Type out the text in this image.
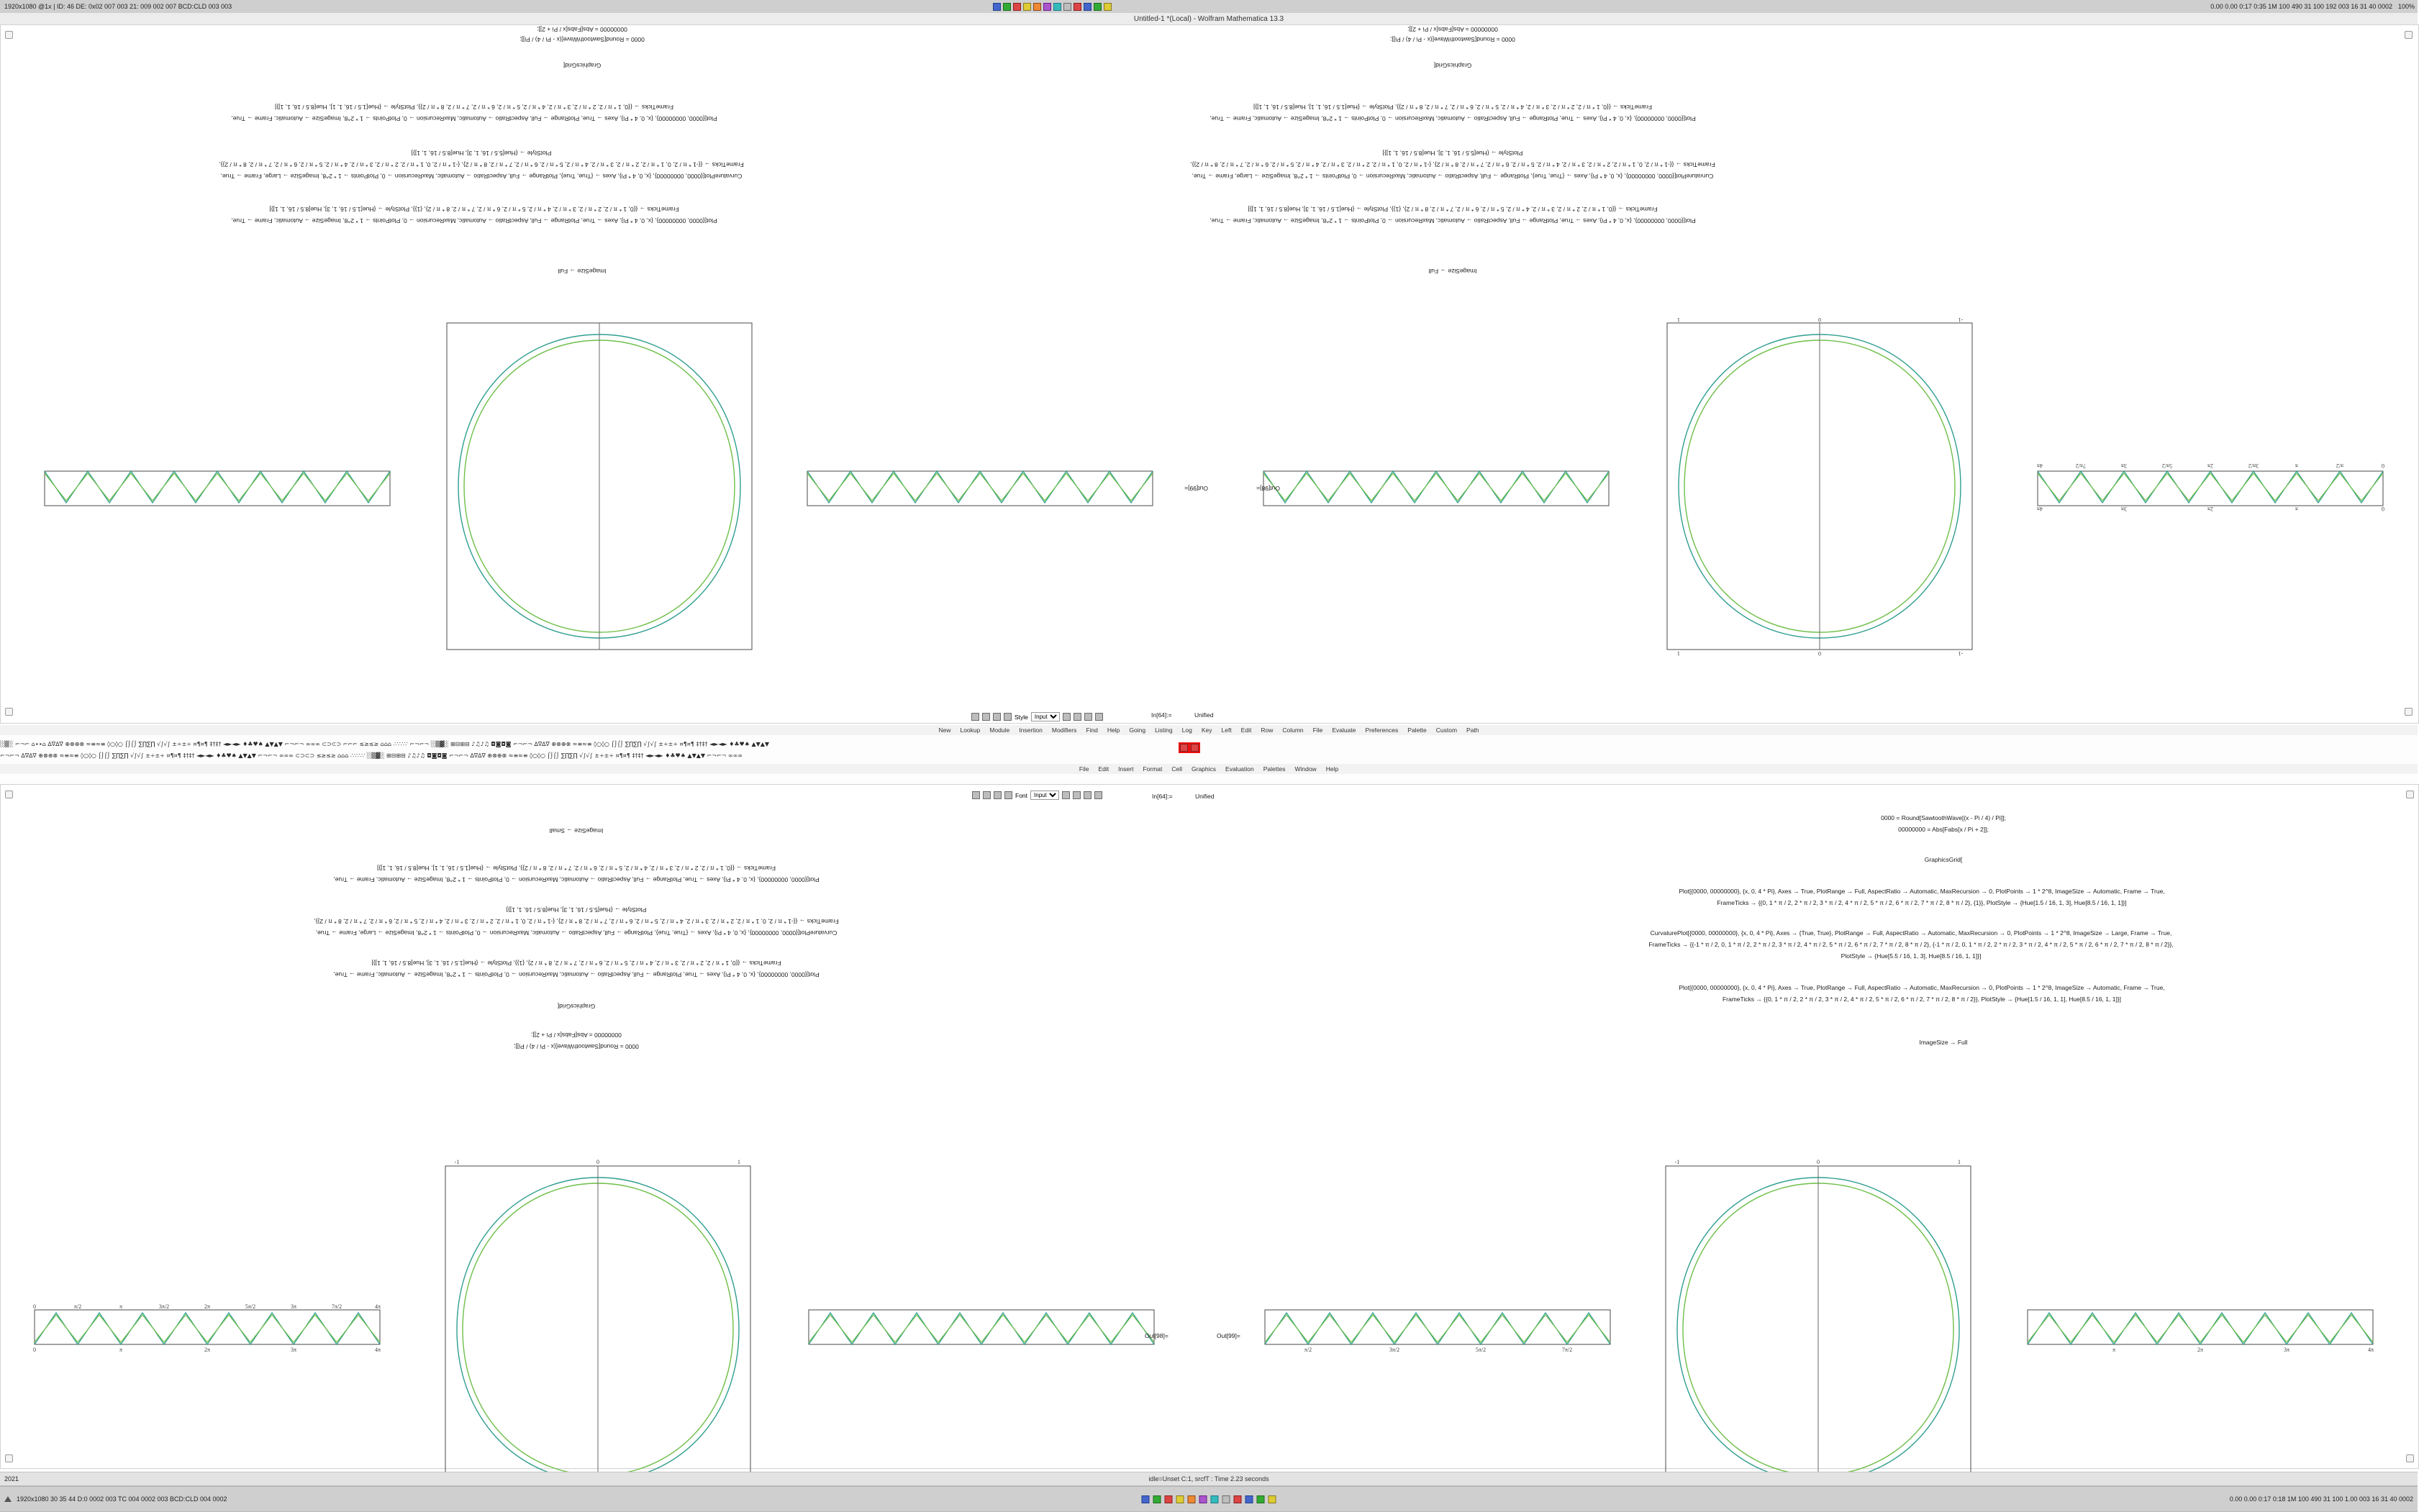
1920x1080 @1x | ID: 46 DE: 0x02 007 003 21: 009 002 007 BCD:CLD 003 003	0.00 0.00 0:17 0:35 1M 100 490 31 100 192 003 16 31 40 0002 100%
Untitled-1 *(Local) - Wolfram Mathematica 13.3
0
π/2
π
3π/2
2π
5π/2
3π
7π/2
4π
0
π
2π
3π
4π
-1
0
1
-1
0
1
ImageSize → Full
ImageSize → Full
Plot[{0000, 00000000}, {x, 0, 4 * Pi}, Axes → True, PlotRange → Full, AspectRatio → Automatic, MaxRecursion → 0, PlotPoints → 1 * 2^8, ImageSize → Automatic, Frame → True,
FrameTicks → {{0, 1 * π / 2, 2 * π / 2, 3 * π / 2, 4 * π / 2, 5 * π / 2, 6 * π / 2, 7 * π / 2, 8 * π / 2}, {1}}, PlotStyle → {Hue[1.5 / 16, 1, 3], Hue[8.5 / 16, 1, 1]}]
CurvaturePlot[{0000, 00000000}, {x, 0, 4 * Pi}, Axes → {True, True}, PlotRange → Full, AspectRatio → Automatic, MaxRecursion → 0, PlotPoints → 1 * 2^8, ImageSize → Large, Frame → True,
FrameTicks → {{-1 * π / 2, 0, 1 * π / 2, 2 * π / 2, 3 * π / 2, 4 * π / 2, 5 * π / 2, 6 * π / 2, 7 * π / 2, 8 * π / 2}, {-1 * π / 2, 0, 1 * π / 2, 2 * π / 2, 3 * π / 2, 4 * π / 2, 5 * π / 2, 6 * π / 2, 7 * π / 2, 8 * π / 2}},
PlotStyle → {Hue[5.5 / 16, 1, 3], Hue[8.5 / 16, 1, 1]}]
Plot[{0000, 00000000}, {x, 0, 4 * Pi}, Axes → True, PlotRange → Full, AspectRatio → Automatic, MaxRecursion → 0, PlotPoints → 1 * 2^8, ImageSize → Automatic, Frame → True,
FrameTicks → {{0, 1 * π / 2, 2 * π / 2, 3 * π / 2, 4 * π / 2, 5 * π / 2, 6 * π / 2, 7 * π / 2, 8 * π / 2}}, PlotStyle → {Hue[1.5 / 16, 1, 1], Hue[8.5 / 16, 1, 1]}]
Plot[{0000, 00000000}, {x, 0, 4 * Pi}, Axes → True, PlotRange → Full, AspectRatio → Automatic, MaxRecursion → 0, PlotPoints → 1 * 2^8, ImageSize → Automatic, Frame → True,
FrameTicks → {{0, 1 * π / 2, 2 * π / 2, 3 * π / 2, 4 * π / 2, 5 * π / 2, 6 * π / 2, 7 * π / 2, 8 * π / 2}, {1}}, PlotStyle → {Hue[1.5 / 16, 1, 3], Hue[8.5 / 16, 1, 1]}]
CurvaturePlot[{0000, 00000000}, {x, 0, 4 * Pi}, Axes → {True, True}, PlotRange → Full, AspectRatio → Automatic, MaxRecursion → 0, PlotPoints → 1 * 2^8, ImageSize → Large, Frame → True,
FrameTicks → {{-1 * π / 2, 0, 1 * π / 2, 2 * π / 2, 3 * π / 2, 4 * π / 2, 5 * π / 2, 6 * π / 2, 7 * π / 2, 8 * π / 2}, {-1 * π / 2, 0, 1 * π / 2, 2 * π / 2, 3 * π / 2, 4 * π / 2, 5 * π / 2, 6 * π / 2, 7 * π / 2, 8 * π / 2}},
PlotStyle → {Hue[5.5 / 16, 1, 3], Hue[8.5 / 16, 1, 1]}]
Plot[{0000, 00000000}, {x, 0, 4 * Pi}, Axes → True, PlotRange → Full, AspectRatio → Automatic, MaxRecursion → 0, PlotPoints → 1 * 2^8, ImageSize → Automatic, Frame → True,
FrameTicks → {{0, 1 * π / 2, 2 * π / 2, 3 * π / 2, 4 * π / 2, 5 * π / 2, 6 * π / 2, 7 * π / 2, 8 * π / 2}}, PlotStyle → {Hue[1.5 / 16, 1, 1], Hue[8.5 / 16, 1, 1]}]
GraphicsGrid[
GraphicsGrid[
0000 = Round[SawtoothWave[(x - Pi / 4) / Pi]];
00000000 = Abs[Fabs[x / Pi + 2]];
0000 = Round[SawtoothWave[(x - Pi / 4) / Pi]];
00000000 = Abs[Fabs[x / Pi + 2]];
Out[98]=
Out[99]=
New Lookup Module Insertion Modifiers Find Help Going Listing Log Key Left Edit Row Column File Evaluate Preferences Palette Custom Path
Style
Input	In[64]:=	Unified
░▒░ ⌐¬⌐ ⌂∙∙⌂ ∆∇∆∇ ⊕⊗⊕⊗ ≈≡≈≡ ◊○◊○ ⌠⌡⌠⌡ ∑∏∑∏ √∫√∫ ±÷±÷ ¤¶¤¶ ‡†‡† ◄►◄► ♦♣♥♠ ▲▼▲▼ ⌐¬⌐¬ ∞∞∞ ⊂⊃⊂⊃ ⌐⌐⌐ ≤≥≤≥ ⌂⌂⌂ ∴∵∴∵ ⌐¬⌐¬ ░▒▓░ ⊞⊟⊞⊟ ♪♫♪♫ ◘◙◘◙ ⌐¬⌐¬ ∆∇∆∇ ⊕⊗⊕⊗ ≈≡≈≡ ◊○◊○ ⌠⌡⌠⌡ ∑∏∑∏ √∫√∫ ±÷±÷ ¤¶¤¶ ‡†‡† ◄►◄► ♦♣♥♠ ▲▼▲▼
⌐¬⌐¬ ∆∇∆∇ ⊕⊗⊕⊗ ≈≡≈≡ ◊○◊○ ⌠⌡⌠⌡ ∑∏∑∏ √∫√∫ ±÷±÷ ¤¶¤¶ ‡†‡† ◄►◄► ♦♣♥♠ ▲▼▲▼ ⌐¬⌐¬ ∞∞∞ ⊂⊃⊂⊃ ≤≥≤≥ ⌂⌂⌂ ∴∵∴∵ ░▒▓░ ⊞⊟⊞⊟ ♪♫♪♫ ◘◙◘◙ ⌐¬⌐¬ ∆∇∆∇ ⊕⊗⊕⊗ ≈≡≈≡ ◊○◊○ ⌠⌡⌠⌡ ∑∏∑∏ √∫√∫ ±÷±÷ ¤¶¤¶ ‡†‡† ◄►◄► ♦♣♥♠ ▲▼▲▼ ⌐¬⌐¬ ∞∞∞
File Edit Insert Format Cell Graphics Evaluation Palettes Window Help
Font
Input	In[64]:=	Unified
0000 = Round[SawtoothWave[(x - Pi / 4) / Pi]];
00000000 = Abs[Fabs[x / Pi + 2]];
GraphicsGrid[
Plot[{0000, 00000000}, {x, 0, 4 * Pi}, Axes → True, PlotRange → Full, AspectRatio → Automatic, MaxRecursion → 0, PlotPoints → 1 * 2^8, ImageSize → Automatic, Frame → True,
FrameTicks → {{0, 1 * π / 2, 2 * π / 2, 3 * π / 2, 4 * π / 2, 5 * π / 2, 6 * π / 2, 7 * π / 2, 8 * π / 2}, {1}}, PlotStyle → {Hue[1.5 / 16, 1, 3], Hue[8.5 / 16, 1, 1]}]
CurvaturePlot[{0000, 00000000}, {x, 0, 4 * Pi}, Axes → {True, True}, PlotRange → Full, AspectRatio → Automatic, MaxRecursion → 0, PlotPoints → 1 * 2^8, ImageSize → Large, Frame → True,
FrameTicks → {{-1 * π / 2, 0, 1 * π / 2, 2 * π / 2, 3 * π / 2, 4 * π / 2, 5 * π / 2, 6 * π / 2, 7 * π / 2, 8 * π / 2}, {-1 * π / 2, 0, 1 * π / 2, 2 * π / 2, 3 * π / 2, 4 * π / 2, 5 * π / 2, 6 * π / 2, 7 * π / 2, 8 * π / 2}},
PlotStyle → {Hue[5.5 / 16, 1, 3], Hue[8.5 / 16, 1, 1]}]
Plot[{0000, 00000000}, {x, 0, 4 * Pi}, Axes → True, PlotRange → Full, AspectRatio → Automatic, MaxRecursion → 0, PlotPoints → 1 * 2^8, ImageSize → Automatic, Frame → True,
FrameTicks → {{0, 1 * π / 2, 2 * π / 2, 3 * π / 2, 4 * π / 2, 5 * π / 2, 6 * π / 2, 7 * π / 2, 8 * π / 2}}, PlotStyle → {Hue[1.5 / 16, 1, 1], Hue[8.5 / 16, 1, 1]}]
ImageSize → Full
0000 = Round[SawtoothWave[(x - Pi / 4) / Pi]];
00000000 = Abs[Fabs[x / Pi + 2]];
GraphicsGrid[
Plot[{0000, 00000000}, {x, 0, 4 * Pi}, Axes → True, PlotRange → Full, AspectRatio → Automatic, MaxRecursion → 0, PlotPoints → 1 * 2^8, ImageSize → Automatic, Frame → True,
FrameTicks → {{0, 1 * π / 2, 2 * π / 2, 3 * π / 2, 4 * π / 2, 5 * π / 2, 6 * π / 2, 7 * π / 2, 8 * π / 2}, {1}}, PlotStyle → {Hue[1.5 / 16, 1, 3], Hue[8.5 / 16, 1, 1]}]
CurvaturePlot[{0000, 00000000}, {x, 0, 4 * Pi}, Axes → {True, True}, PlotRange → Full, AspectRatio → Automatic, MaxRecursion → 0, PlotPoints → 1 * 2^8, ImageSize → Large, Frame → True,
FrameTicks → {{-1 * π / 2, 0, 1 * π / 2, 2 * π / 2, 3 * π / 2, 4 * π / 2, 5 * π / 2, 6 * π / 2, 7 * π / 2, 8 * π / 2}, {-1 * π / 2, 0, 1 * π / 2, 2 * π / 2, 3 * π / 2, 4 * π / 2, 5 * π / 2, 6 * π / 2, 7 * π / 2, 8 * π / 2}},
PlotStyle → {Hue[5.5 / 16, 1, 3], Hue[8.5 / 16, 1, 1]}]
Plot[{0000, 00000000}, {x, 0, 4 * Pi}, Axes → True, PlotRange → Full, AspectRatio → Automatic, MaxRecursion → 0, PlotPoints → 1 * 2^8, ImageSize → Automatic, Frame → True,
FrameTicks → {{0, 1 * π / 2, 2 * π / 2, 3 * π / 2, 4 * π / 2, 5 * π / 2, 6 * π / 2, 7 * π / 2, 8 * π / 2}}, PlotStyle → {Hue[1.5 / 16, 1, 1], Hue[8.5 / 16, 1, 1]}]
ImageSize → Small
0	π/2	π	3π/2	2π	5π/2	3π	7π/2	4π
0	π	2π	3π	4π
-1	0	1
π/2	3π/2	5π/2	7π/2
-1	0	1
π	2π	3π	4π
Out[98]=	Out[99]=
2021	idle=Unset C:1, srcfT : Time 2.23 seconds
1920x1080 30 35 44 D:0 0002 003 TC 004 0002 003 BCD:CLD 004 0002	0.00 0.00 0:17 0:18 1M 100 490 31 100 1.00 003 16 31 40 0002
